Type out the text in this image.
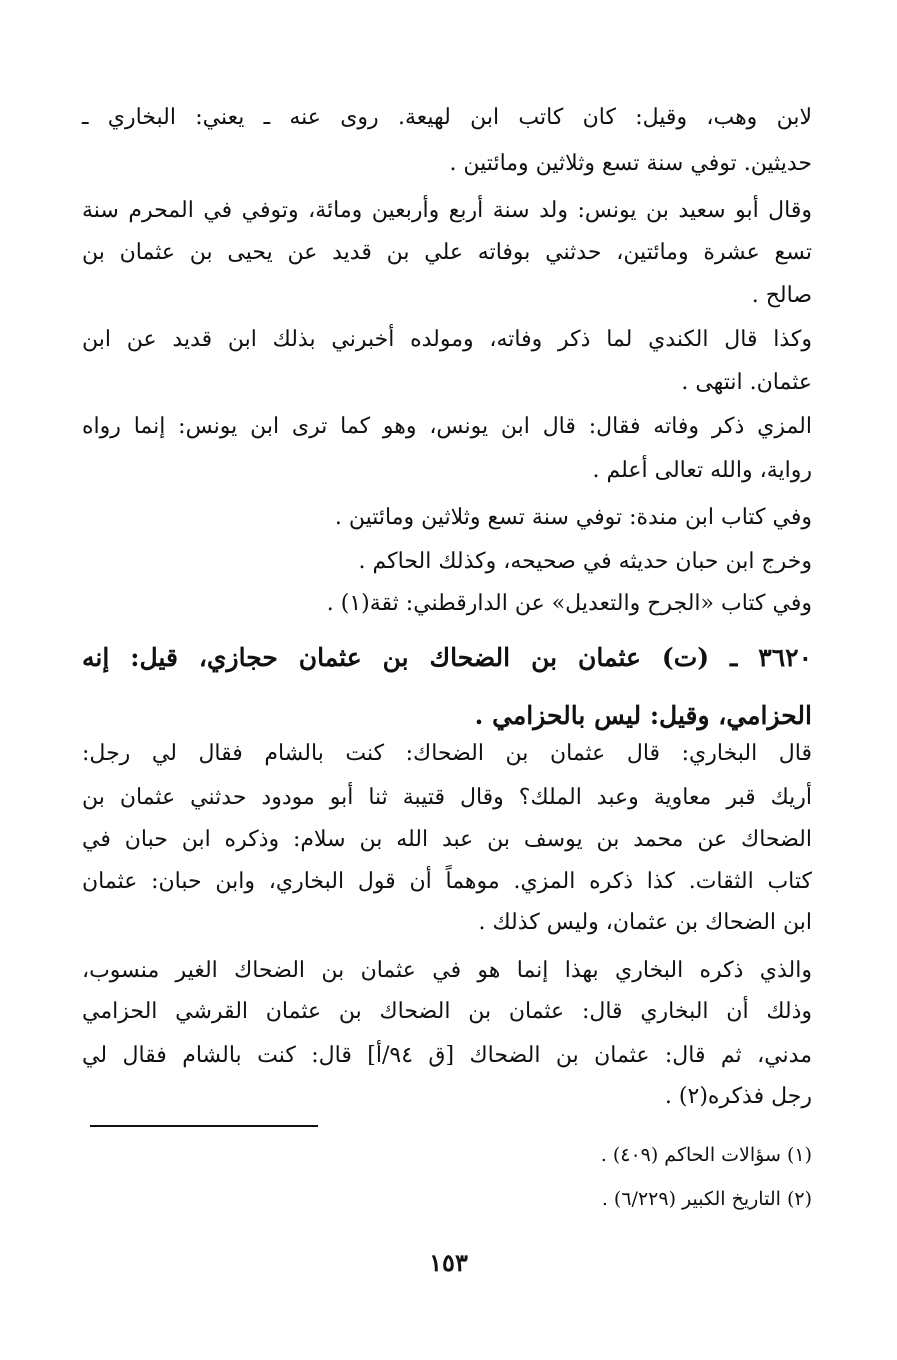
لابن وهب، وقيل: كان كاتب ابن لهيعة. روى عنه ـ يعني: البخاري ـ

حديثين. توفي سنة تسع وثلاثين ومائتين .

وقال أبو سعيد بن يونس: ولد سنة أربع وأربعين ومائة، وتوفي في المحرم سنة

تسع عشرة ومائتين، حدثني بوفاته علي بن قديد عن يحيى بن عثمان بن

صالح .

وكذا قال الكندي لما ذكر وفاته، ومولده أخبرني بذلك ابن قديد عن ابن

عثمان. انتهى .

المزي ذكر وفاته فقال: قال ابن يونس، وهو كما ترى ابن يونس: إنما رواه

رواية، والله تعالى أعلم .

وفي كتاب ابن مندة: توفي سنة تسع وثلاثين ومائتين .

وخرج ابن حبان حديثه في صحيحه، وكذلك الحاكم .

وفي كتاب «الجرح والتعديل» عن الدارقطني: ثقة(١) .

٣٦٢٠ ـ (ت) عثمان بن الضحاك بن عثمان حجازي، قيل: إنه

الحزامي، وقيل: ليس بالحزامي .

قال البخاري: قال عثمان بن الضحاك: كنت بالشام فقال لي رجل:

أريك قبر معاوية وعبد الملك؟ وقال قتيبة ثنا أبو مودود حدثني عثمان بن

الضحاك عن محمد بن يوسف بن عبد الله بن سلام: وذكره ابن حبان في

كتاب الثقات. كذا ذكره المزي. موهماً أن قول البخاري، وابن حبان: عثمان

ابن الضحاك بن عثمان، وليس كذلك .

والذي ذكره البخاري بهذا إنما هو في عثمان بن الضحاك الغير منسوب،

وذلك أن البخاري قال: عثمان بن الضحاك بن عثمان القرشي الحزامي

مدني، ثم قال: عثمان بن الضحاك [ق ٩٤/أ] قال: كنت بالشام فقال لي

رجل فذكره(٢) .

(١) سؤالات الحاكم (٤٠٩) .
(٢) التاريخ الكبير (٦/٢٢٩) .
١٥٣
